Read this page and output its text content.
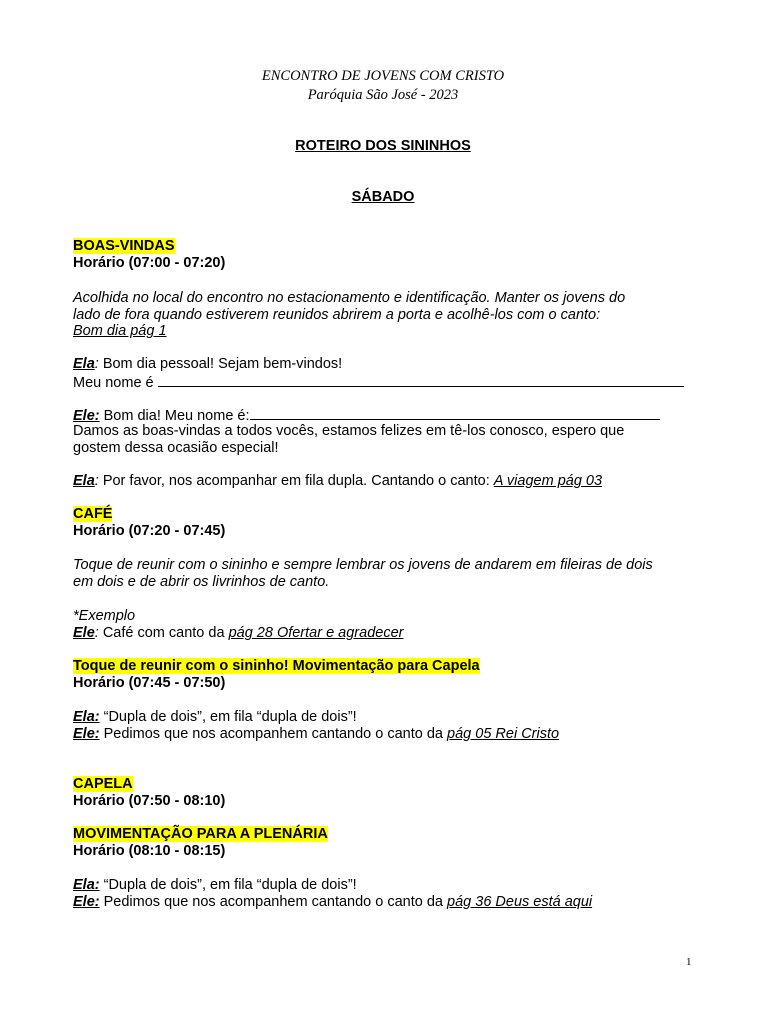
ENCONTRO DE JOVENS COM CRISTO
Paróquia São José - 2023
ROTEIRO DOS SININHOS
SÁBADO
BOAS-VINDAS
Horário (07:00 - 07:20)
Acolhida no local do encontro no estacionamento e identificação. Manter os jovens do
lado de fora quando estiverem reunidos abrirem a porta e acolhê-los com o canto:
Bom dia pág 1
Ela: Bom dia pessoal! Sejam bem-vindos!
Meu nome é
Ele: Bom dia! Meu nome é:
Damos as boas-vindas a todos vocês, estamos felizes em tê-los conosco, espero que
gostem dessa ocasião especial!
Ela: Por favor, nos acompanhar em fila dupla. Cantando o canto: A viagem pág 03
CAFÉ
Horário (07:20 - 07:45)
Toque de reunir com o sininho e sempre lembrar os jovens de andarem em fileiras de dois
em dois e de abrir os livrinhos de canto.
*Exemplo
Ele: Café com canto da pág 28 Ofertar e agradecer
Toque de reunir com o sininho! Movimentação para Capela
Horário (07:45 - 07:50)
Ela: “Dupla de dois”, em fila “dupla de dois”!
Ele: Pedimos que nos acompanhem cantando o canto da pág 05 Rei Cristo
CAPELA
Horário (07:50 - 08:10)
MOVIMENTAÇÃO PARA A PLENÁRIA
Horário (08:10 - 08:15)
Ela: “Dupla de dois”, em fila “dupla de dois”!
Ele: Pedimos que nos acompanhem cantando o canto da pág 36 Deus está aqui
1
